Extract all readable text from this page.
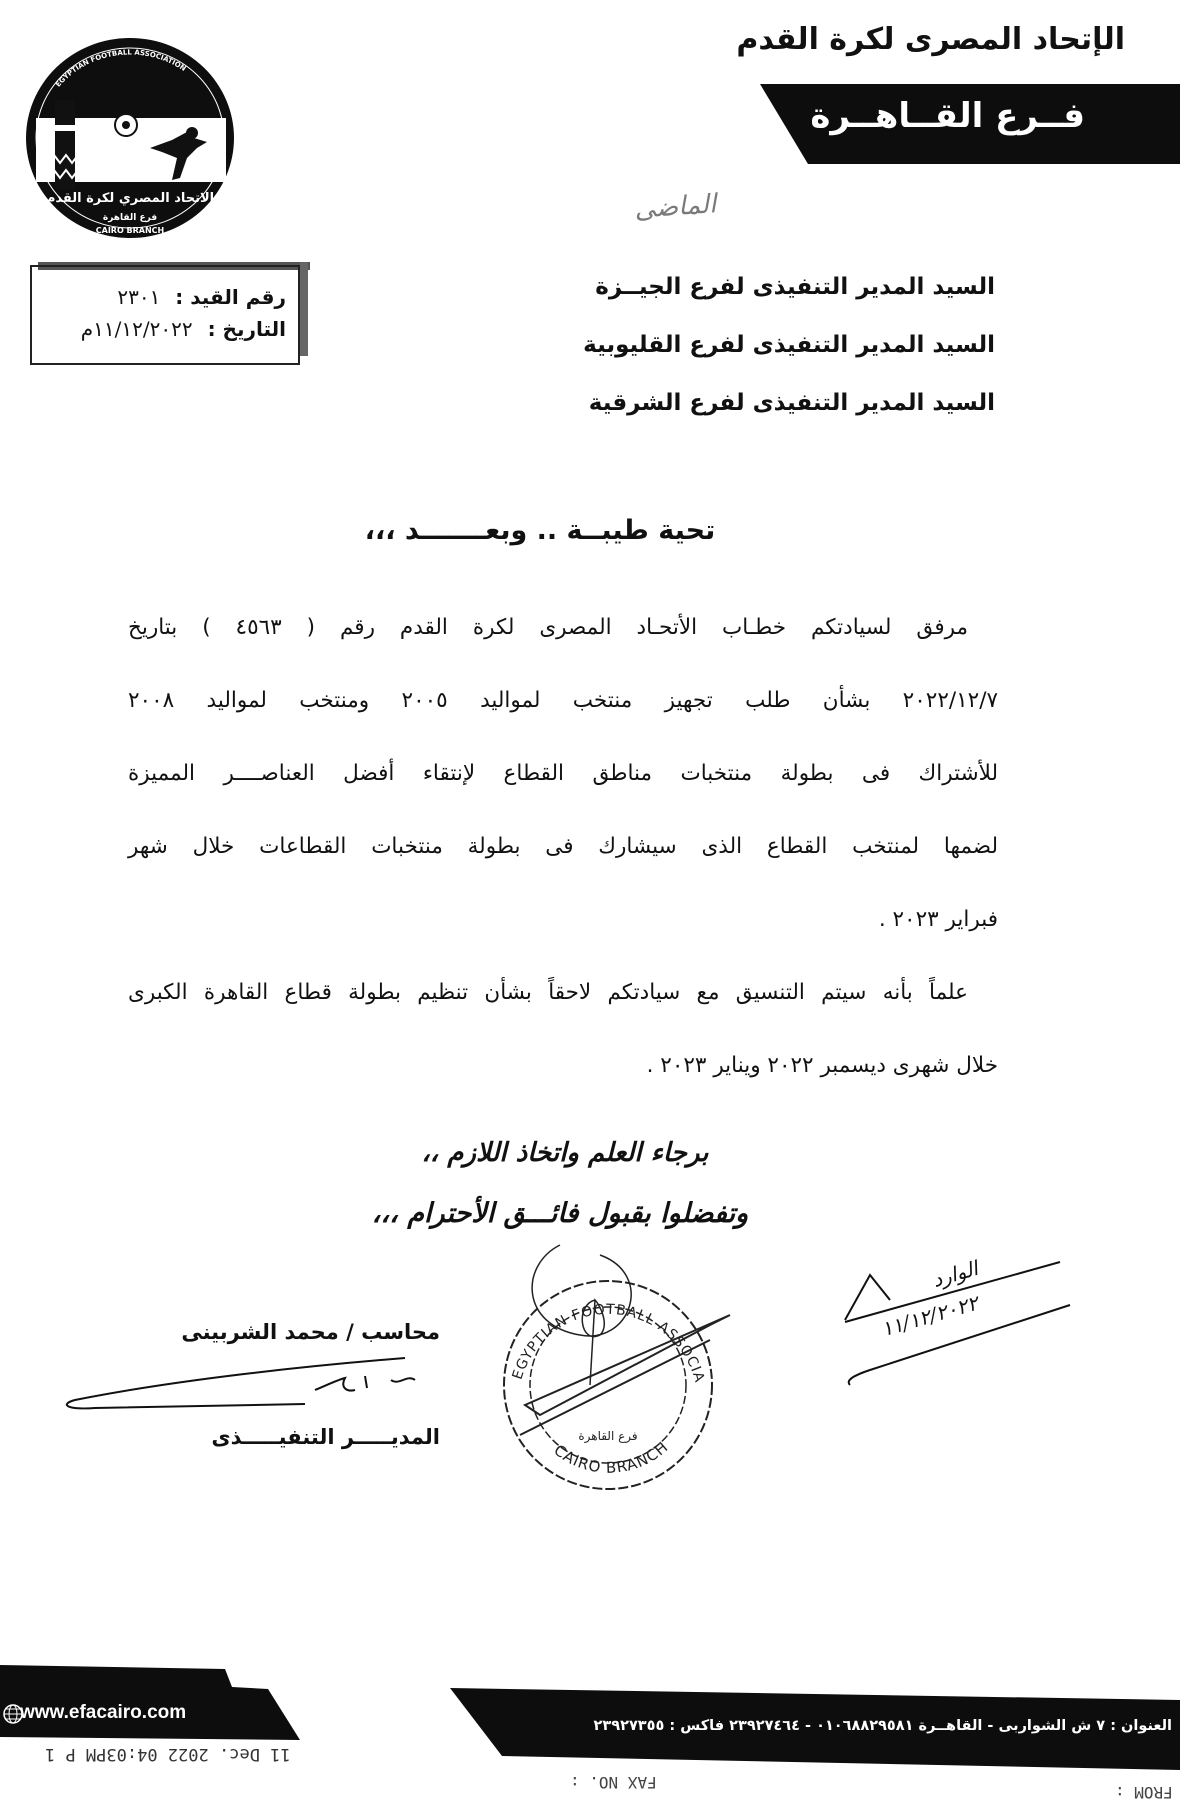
الإتحاد المصرى لكرة القدم
فــرع القــاهــرة
الاتحاد المصري لكرة القدم
فرع القاهرة
EGYPTIAN FOOTBALL ASSOCIATION
CAIRO BRANCH
رقم القيد : ٢٣٠١
التاريخ : ١١/١٢/٢٠٢٢م
الماضى
السيد المدير التنفيذى لفرع الجيــزة
السيد المدير التنفيذى لفرع القليوبية
السيد المدير التنفيذى لفرع الشرقية
تحية طيبــة .. وبعـــــــد ،،،
مرفق لسيادتكم خطـاب الأتحـاد المصرى لكرة القدم رقم ( ٤٥٦٣ ) بتاريخ
٢٠٢٢/١٢/٧ بشأن طلب تجهيز منتخب لمواليد ٢٠٠٥ ومنتخب لمواليد ٢٠٠٨
للأشتراك فى بطولة منتخبات مناطق القطاع لإنتقاء أفضل العناصــــر المميزة
لضمها لمنتخب القطاع الذى سيشارك فى بطولة منتخبات القطاعات خلال شهر
فبراير ٢٠٢٣ .
علماً بأنه سيتم التنسيق مع سيادتكم لاحقاً بشأن تنظيم بطولة قطاع القاهرة الكبرى
خلال شهرى ديسمبر ٢٠٢٢ ويناير ٢٠٢٣ .
برجاء العلم واتخاذ اللازم ،،
وتفضلوا بقبول فائـــق الأحترام ،،،
محاسب / محمد الشربينى
المديـــــر التنفيـــــذى
EGYPTIAN FOOTBALL ASSOCIA
CAIRO BRANCH
فرع القاهرة
الوارد
١١/١٢/٢٠٢٢
www.efacairo.com
العنوان : ٧ ش الشواربى - القاهــرة ٠١٠٦٨٨٢٩٥٨١ - ٢٣٩٢٧٤٦٤ فاكس : ٢٣٩٢٧٣٥٥
11 Dec. 2022 04:03PM P 1
FAX NO. :
FROM :
